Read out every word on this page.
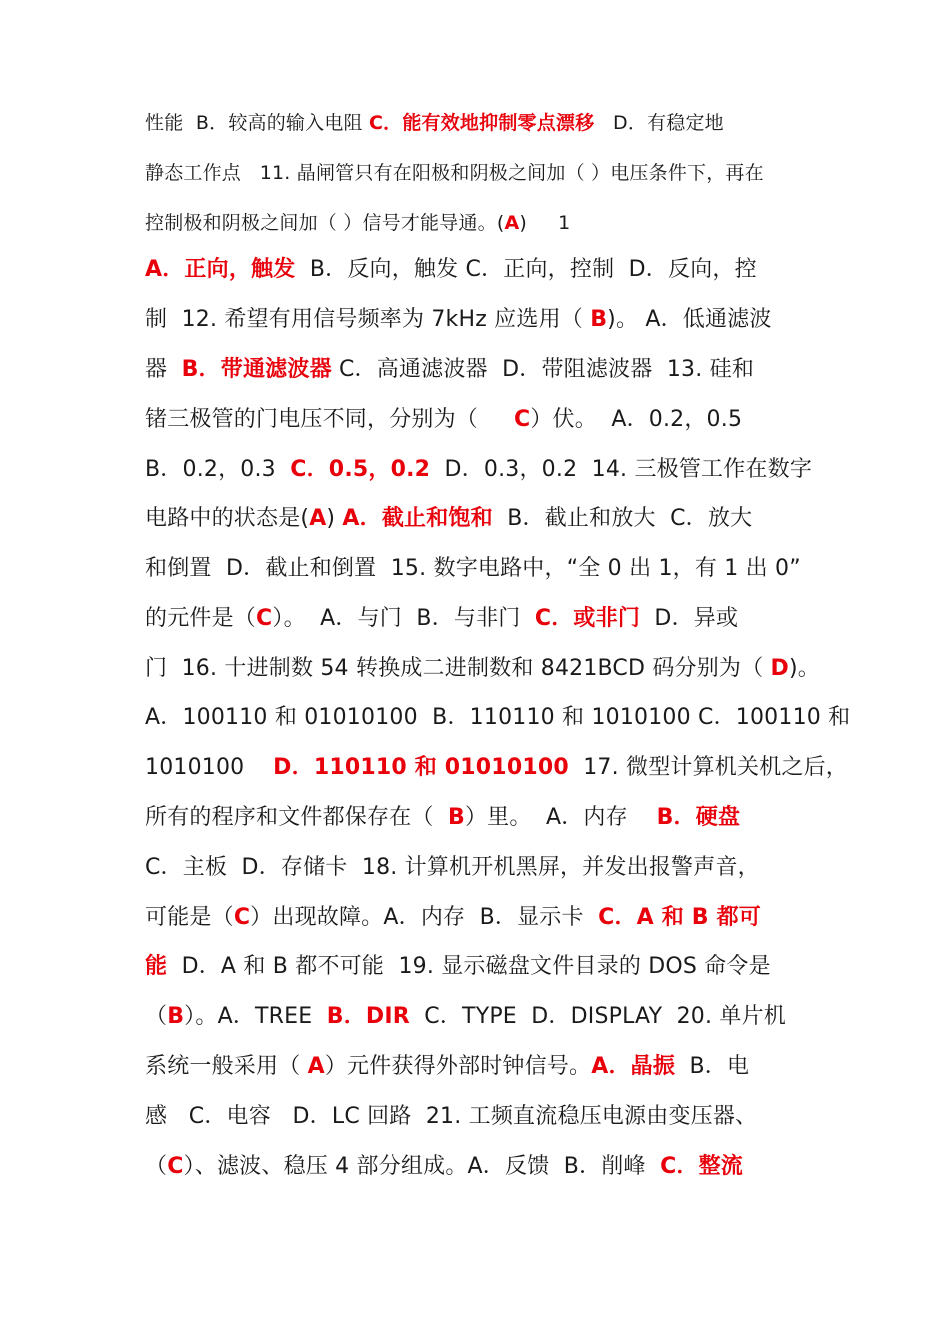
性能  B．较高的输入电阻 C．能有效地抑制零点漂移   D．有稳定地
静态工作点   11. 晶闸管只有在阳极和阴极之间加（ ）电压条件下，再在
控制极和阴极之间加（ ）信号才能导通。(A)     1
A．正向，触发  B．反向，触发 C．正向，控制  D．反向，控
制  12. 希望有用信号频率为 7kHz 应选用（ B)。 A．低通滤波
器  B．带通滤波器 C．高通滤波器  D．带阻滤波器  13. 硅和
锗三极管的门电压不同，分别为（     C）伏。  A．0.2，0.5
B．0.2，0.3  C．0.5，0.2  D．0.3，0.2  14. 三极管工作在数字
电路中的状态是(A) A．截止和饱和  B．截止和放大  C．放大
和倒置  D．截止和倒置  15. 数字电路中，“全 0 出 1，有 1 出 0”
的元件是（C）。  A．与门  B．与非门  C．或非门  D．异或
门  16. 十进制数 54 转换成二进制数和 8421BCD 码分别为（ D)。
A．100110 和 01010100  B．110110 和 1010100 C．100110 和
1010100    D．110110 和 01010100  17. 微型计算机关机之后，
所有的程序和文件都保存在（  B）里。  A．内存    B．硬盘
C．主板  D．存储卡  18. 计算机开机黑屏，并发出报警声音，
可能是（C）出现故障。A．内存  B．显示卡  C．A 和 B 都可
能  D．A 和 B 都不可能  19. 显示磁盘文件目录的 DOS 命令是
（B）。A．TREE  B．DIR  C．TYPE  D．DISPLAY  20. 单片机
系统一般采用（ A）元件获得外部时钟信号。A．晶振  B．电
感   C．电容   D．LC 回路  21. 工频直流稳压电源由变压器、
（C）、滤波、稳压 4 部分组成。A．反馈  B．削峰  C．整流
